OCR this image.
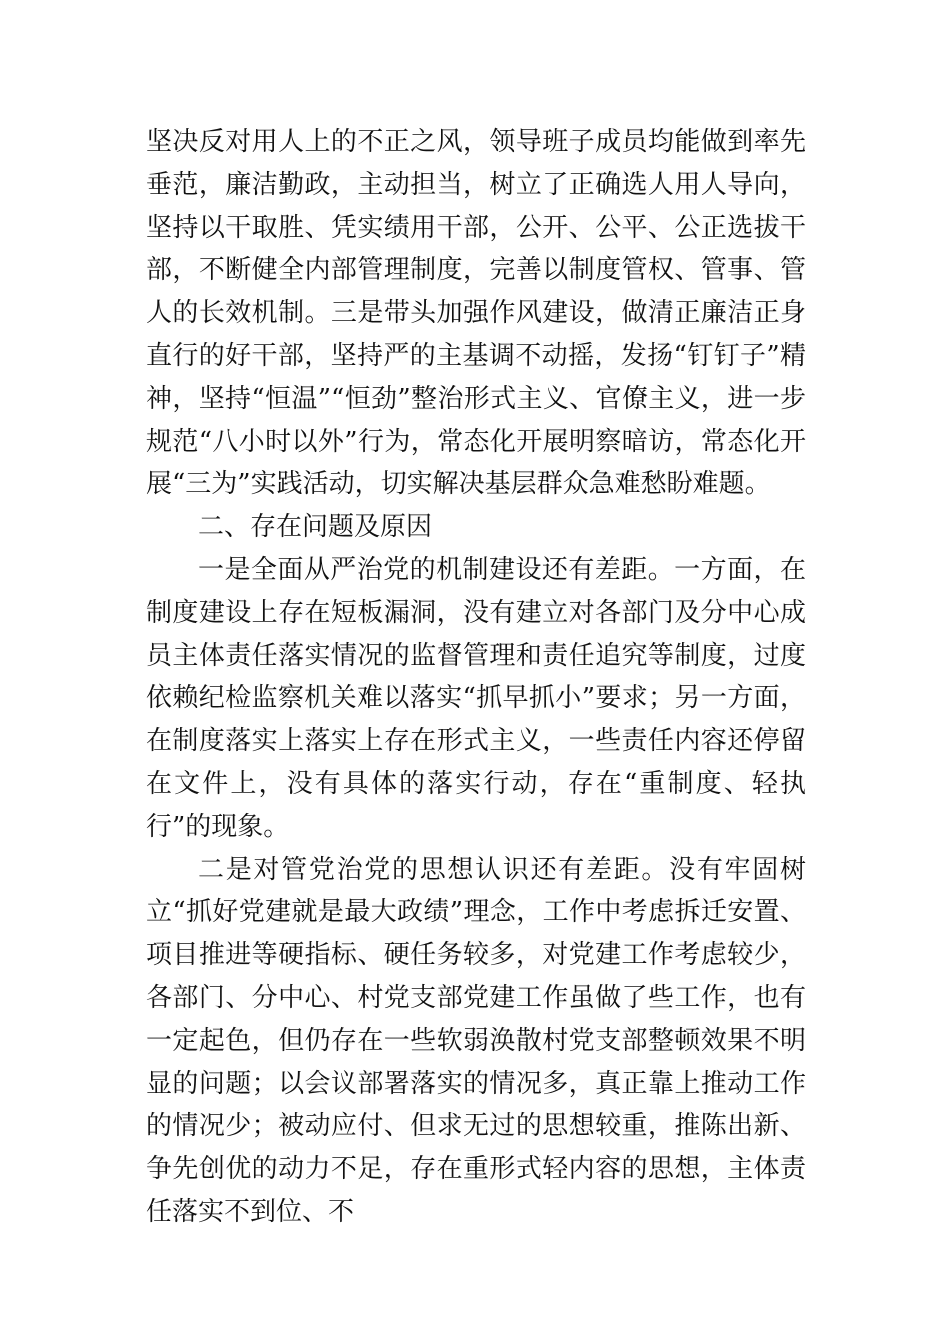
坚决反对用人上的不正之风，领导班子成员均能做到率先垂范，廉洁勤政，主动担当，树立了正确选人用人导向，坚持以干取胜、凭实绩用干部，公开、公平、公正选拔干部，不断健全内部管理制度，完善以制度管权、管事、管人的长效机制。三是带头加强作风建设，做清正廉洁正身直行的好干部，坚持严的主基调不动摇，发扬“钉钉子”精神，坚持“恒温”“恒劲”整治形式主义、官僚主义，进一步规范“八小时以外”行为，常态化开展明察暗访，常态化开展“三为”实践活动，切实解决基层群众急难愁盼难题。

二、存在问题及原因

一是全面从严治党的机制建设还有差距。一方面，在制度建设上存在短板漏洞，没有建立对各部门及分中心成员主体责任落实情况的监督管理和责任追究等制度，过度依赖纪检监察机关难以落实“抓早抓小”要求；另一方面，在制度落实上落实上存在形式主义，一些责任内容还停留在文件上，没有具体的落实行动，存在“重制度、轻执行”的现象。

二是对管党治党的思想认识还有差距。没有牢固树立“抓好党建就是最大政绩”理念，工作中考虑拆迁安置、项目推进等硬指标、硬任务较多，对党建工作考虑较少，各部门、分中心、村党支部党建工作虽做了些工作，也有一定起色，但仍存在一些软弱涣散村党支部整顿效果不明显的问题；以会议部署落实的情况多，真正靠上推动工作的情况少；被动应付、但求无过的思想较重，推陈出新、争先创优的动力不足，存在重形式轻内容的思想，主体责任落实不到位、不
